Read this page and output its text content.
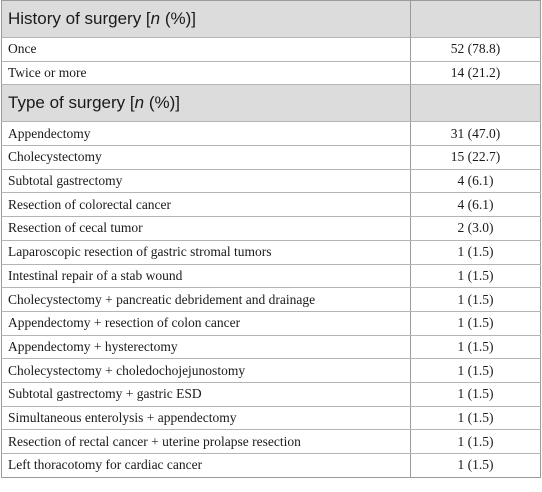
History of surgery [n (%)]	
Once	52 (78.8)
Twice or more	14 (21.2)
Type of surgery [n (%)]	
Appendectomy	31 (47.0)
Cholecystectomy	15 (22.7)
Subtotal gastrectomy	4 (6.1)
Resection of colorectal cancer	4 (6.1)
Resection of cecal tumor	2 (3.0)
Laparoscopic resection of gastric stromal tumors	1 (1.5)
Intestinal repair of a stab wound	1 (1.5)
Cholecystectomy + pancreatic debridement and drainage	1 (1.5)
Appendectomy + resection of colon cancer	1 (1.5)
Appendectomy + hysterectomy	1 (1.5)
Cholecystectomy + choledochojejunostomy	1 (1.5)
Subtotal gastrectomy + gastric ESD	1 (1.5)
Simultaneous enterolysis + appendectomy	1 (1.5)
Resection of rectal cancer + uterine prolapse resection	1 (1.5)
Left thoracotomy for cardiac cancer	1 (1.5)
